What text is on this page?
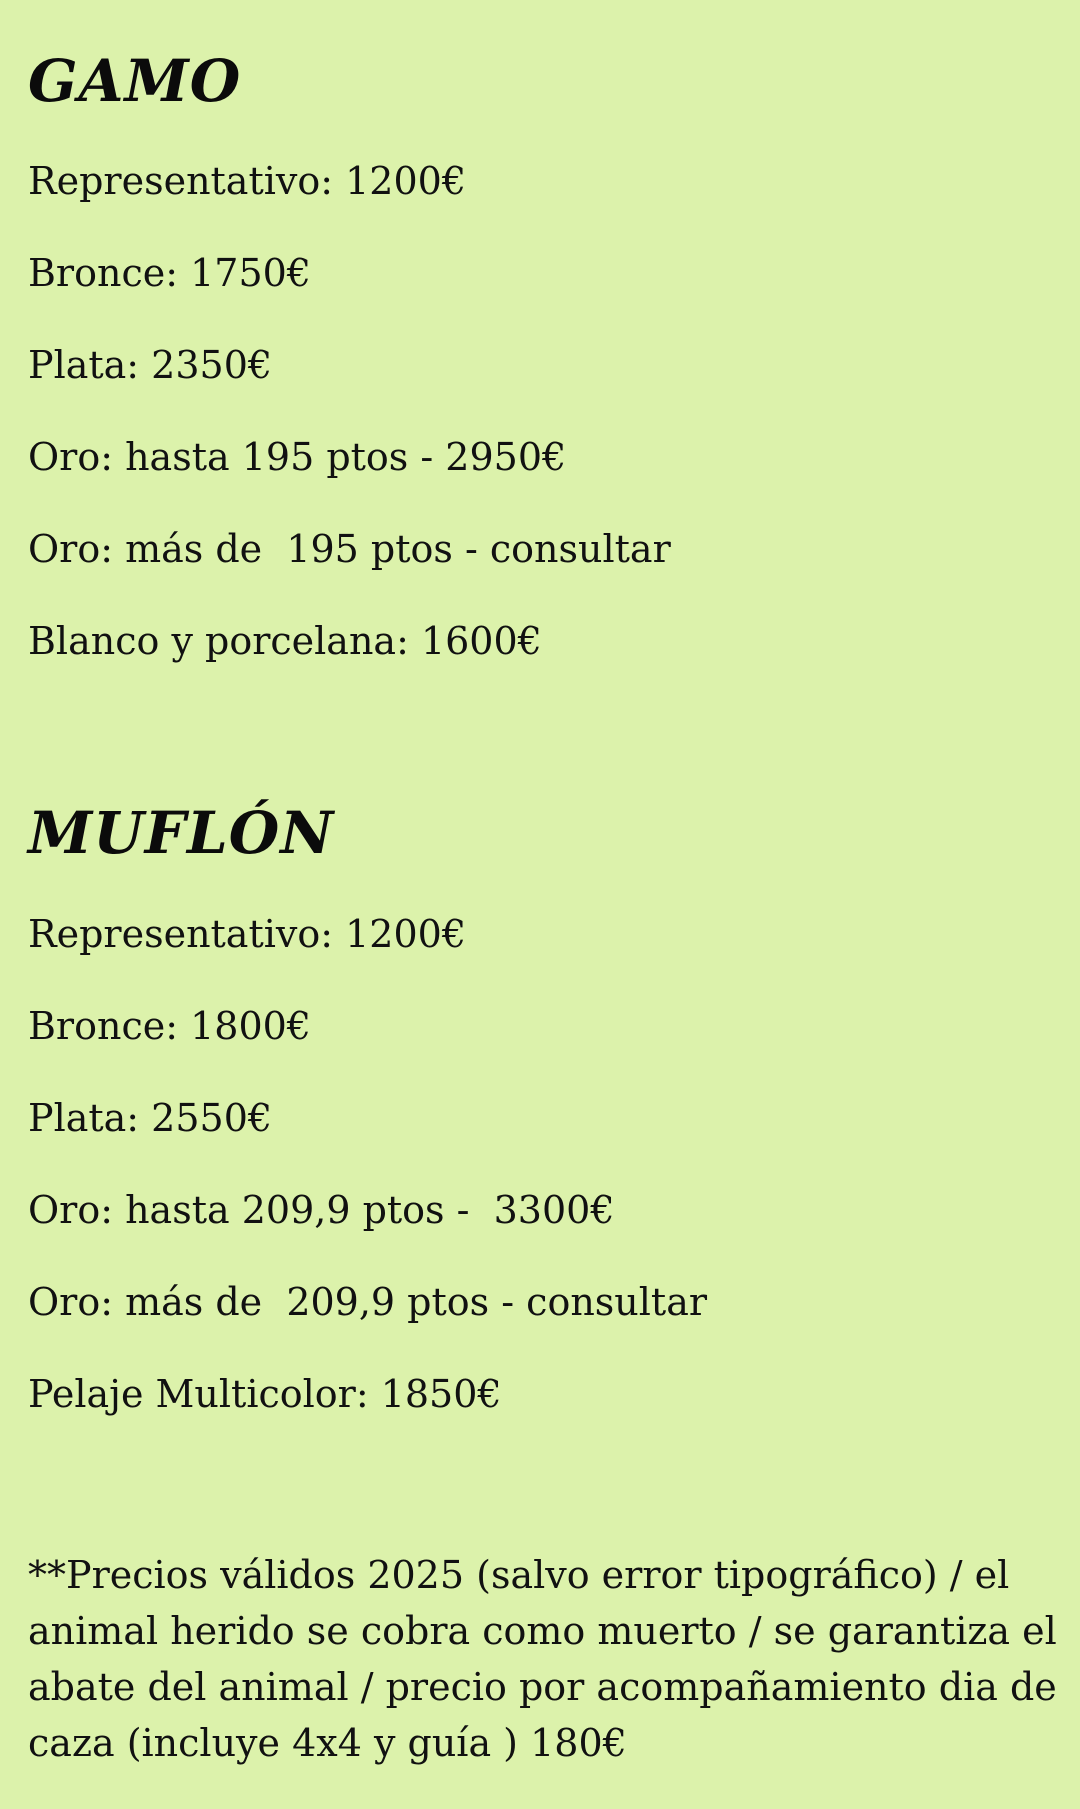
GAMO
Representativo: 1200€
Bronce: 1750€
Plata: 2350€
Oro: hasta 195 ptos - 2950€
Oro: más de  195 ptos - consultar
Blanco y porcelana: 1600€
MUFLÓN
Representativo: 1200€
Bronce: 1800€
Plata: 2550€
Oro: hasta 209,9 ptos -  3300€
Oro: más de  209,9 ptos - consultar
Pelaje Multicolor: 1850€

**Precios válidos 2025 (salvo error tipográfico) / el animal herido se cobra como muerto / se garantiza el abate del animal / precio por acompañamiento dia de caza (incluye 4x4 y guía ) 180€
